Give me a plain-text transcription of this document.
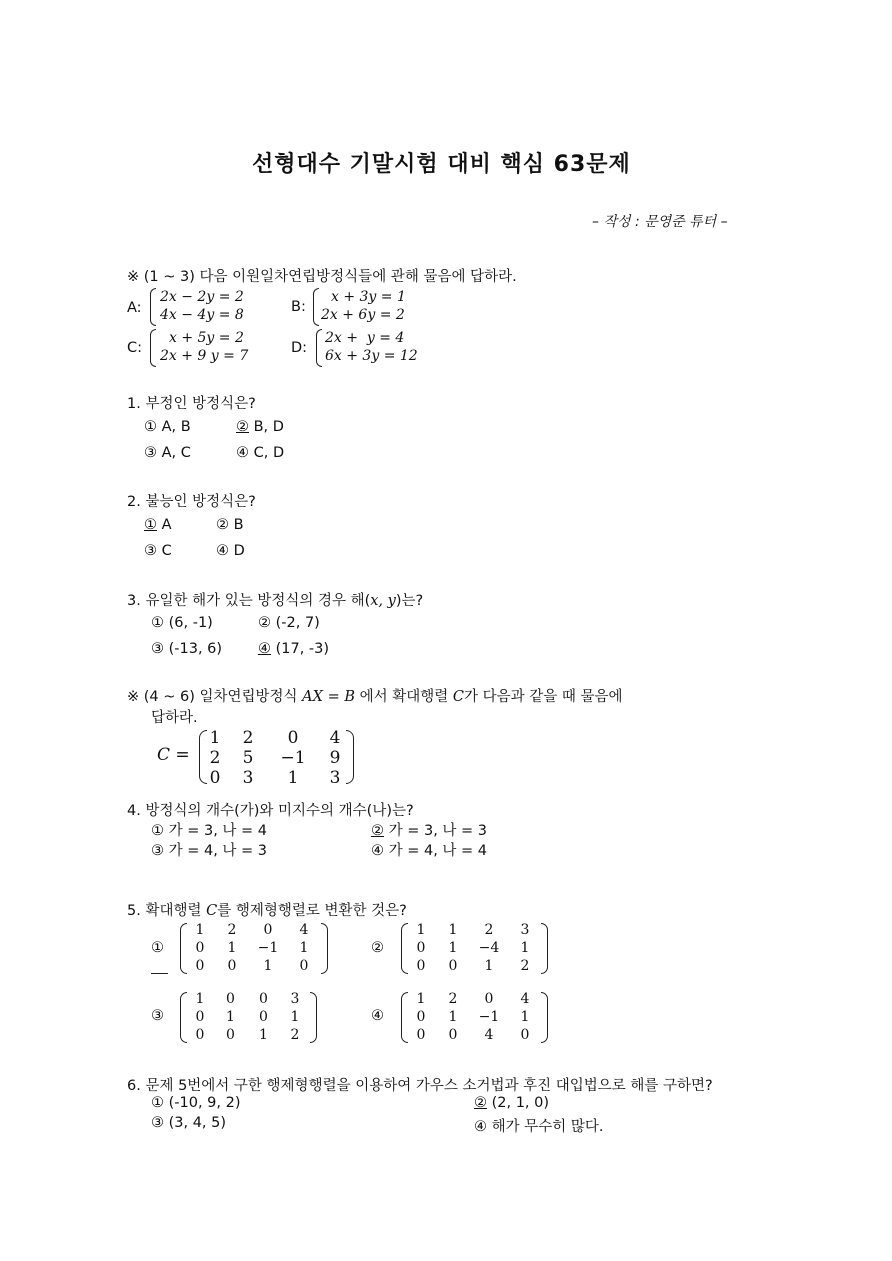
선형대수 기말시험 대비 핵심 63문제
– 작성 : 문영준 튜터 –
※ (1 ~ 3) 다음 이원일차연립방정식들에 관해 물음에 답하라.
A:
2x − 2y = 2
4x − 4y = 8	B:
x + 3y = 1
2x + 6y = 2
C:
x + 5y = 2
2x + 9 y = 7	D:
2x +  y = 4
6x + 3y = 12
1. 부정인 방정식은?
① A, B	② B, D
③ A, C	④ C, D
2. 불능인 방정식은?
① A	② B
③ C	④ D
3. 유일한 해가 있는 방정식의 경우 해(x, y)는?
① (6, -1)	② (-2, 7)
③ (-13, 6) ④ (17, -3)
※ (4 ~ 6) 일차연립방정식 AX = B 에서 확대행렬 C가 다음과 같을 때 물음에
답하라.
C =
1	2	0	4
2	5	−1	9
0	3	1	3
4. 방정식의 개수(가)와 미지수의 개수(나)는?
① 가 = 3, 나 = 4	② 가 = 3, 나 = 3
③ 가 = 4, 나 = 3	④ 가 = 4, 나 = 4
5. 확대행렬 C를 행제형행렬로 변환한 것은?
①
1	2	0	4
0	1	−1	1
0	0	1	0
②
1	1	2	3
0	1	−4	1
0	0	1	2
③
1	0	0	3
0	1	0	1
0	0	1	2
④
1	2	0	4
0	1	−1	1
0	0	4	0
6. 문제 5번에서 구한 행제형행렬을 이용하여 가우스 소거법과 후진 대입법으로 해를 구하면?
① (-10, 9, 2)	② (2, 1, 0)
③ (3, 4, 5)	④ 해가 무수히 많다.
